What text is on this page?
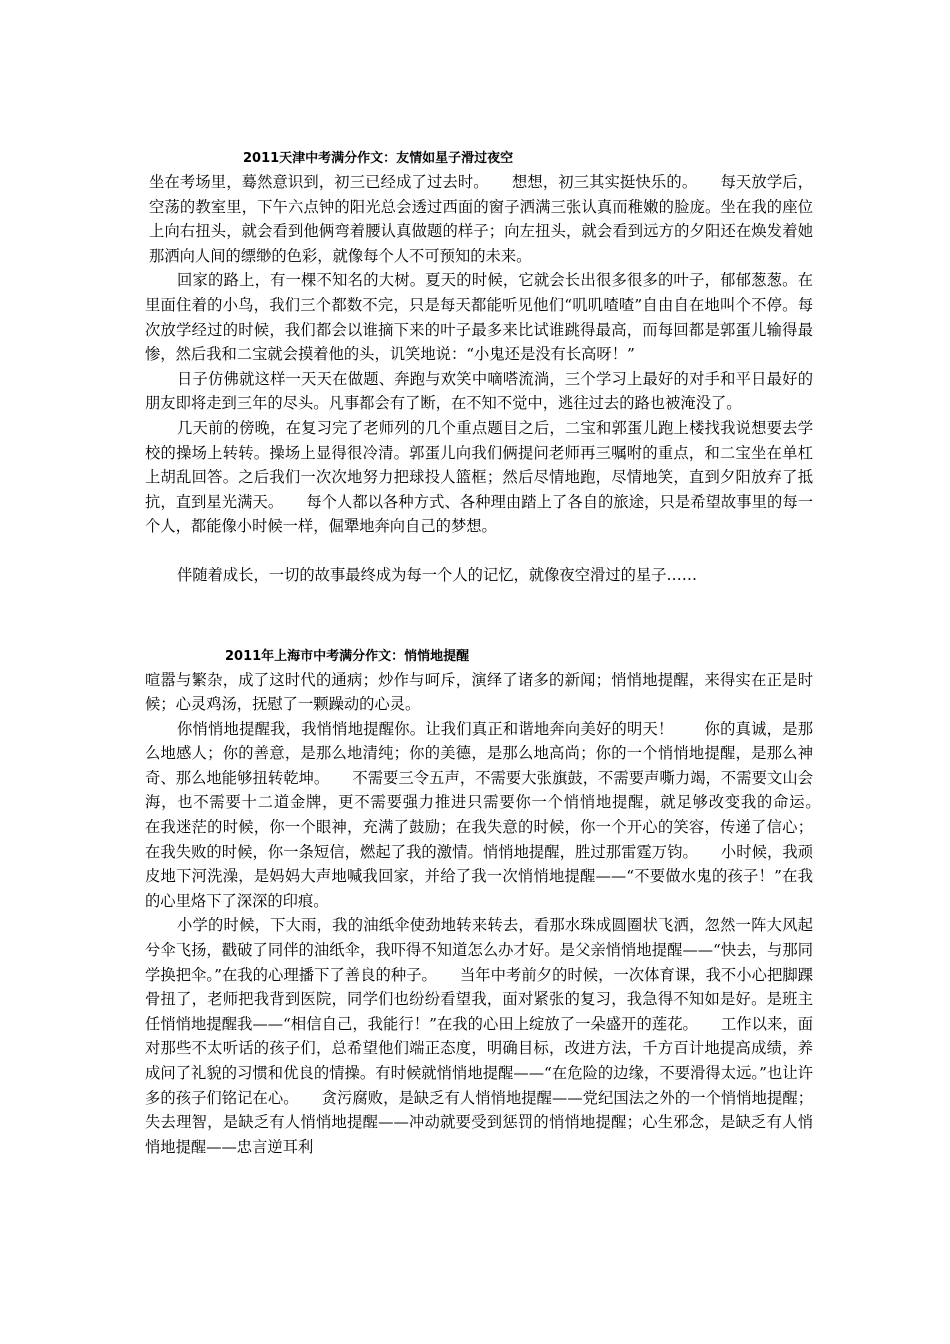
2011天津中考满分作文：友情如星子滑过夜空

坐在考场里，蓦然意识到，初三已经成了过去时。　　想想，初三其实挺快乐的。　　每天放学后，空荡的教室里，下午六点钟的阳光总会透过西面的窗子洒满三张认真而稚嫩的脸庞。坐在我的座位上向右扭头，就会看到他俩弯着腰认真做题的样子；向左扭头，就会看到远方的夕阳还在焕发着她那洒向人间的缥缈的色彩，就像每个人不可预知的未来。

回家的路上，有一棵不知名的大树。夏天的时候，它就会长出很多很多的叶子，郁郁葱葱。在里面住着的小鸟，我们三个都数不完，只是每天都能听见他们“叽叽喳喳”自由自在地叫个不停。每次放学经过的时候，我们都会以谁摘下来的叶子最多来比试谁跳得最高，而每回都是郭蛋儿输得最惨，然后我和二宝就会摸着他的头，讥笑地说：“小鬼还是没有长高呀！”

日子仿佛就这样一天天在做题、奔跑与欢笑中嘀嗒流淌，三个学习上最好的对手和平日最好的朋友即将走到三年的尽头。凡事都会有了断，在不知不觉中，逃往过去的路也被淹没了。

几天前的傍晚，在复习完了老师列的几个重点题目之后，二宝和郭蛋儿跑上楼找我说想要去学校的操场上转转。操场上显得很冷清。郭蛋儿向我们俩提问老师再三嘱咐的重点，和二宝坐在单杠上胡乱回答。之后我们一次次地努力把球投人篮框；然后尽情地跑，尽情地笑，直到夕阳放弃了抵抗，直到星光满天。　　每个人都以各种方式、各种理由踏上了各自的旅途，只是希望故事里的每一个人，都能像小时候一样，倔犟地奔向自己的梦想。

伴随着成长，一切的故事最终成为每一个人的记忆，就像夜空滑过的星子……

2011年上海市中考满分作文：悄悄地提醒

喧嚣与繁杂，成了这时代的通病；炒作与呵斥，演绎了诸多的新闻；悄悄地提醒，来得实在正是时候；心灵鸡汤，抚慰了一颗躁动的心灵。

你悄悄地提醒我，我悄悄地提醒你。让我们真正和谐地奔向美好的明天！　　你的真诚，是那么地感人；你的善意，是那么地清纯；你的美德，是那么地高尚；你的一个悄悄地提醒，是那么神奇、那么地能够扭转乾坤。　　不需要三令五声，不需要大张旗鼓，不需要声嘶力竭，不需要文山会海，也不需要十二道金牌，更不需要强力推进只需要你一个悄悄地提醒，就足够改变我的命运。　　在我迷茫的时候，你一个眼神，充满了鼓励；在我失意的时候，你一个开心的笑容，传递了信心；在我失败的时候，你一条短信，燃起了我的激情。悄悄地提醒，胜过那雷霆万钧。　　小时候，我顽皮地下河洗澡，是妈妈大声地喊我回家，并给了我一次悄悄地提醒——“不要做水鬼的孩子！”在我的心里烙下了深深的印痕。

小学的时候，下大雨，我的油纸伞使劲地转来转去，看那水珠成圆圈状飞洒，忽然一阵大风起兮伞飞扬，戳破了同伴的油纸伞，我吓得不知道怎么办才好。是父亲悄悄地提醒——“快去，与那同学换把伞。”在我的心理播下了善良的种子。　　当年中考前夕的时候，一次体育课，我不小心把脚踝骨扭了，老师把我背到医院，同学们也纷纷看望我，面对紧张的复习，我急得不知如是好。是班主任悄悄地提醒我——“相信自己，我能行！”在我的心田上绽放了一朵盛开的莲花。　　工作以来，面对那些不太听话的孩子们，总希望他们端正态度，明确目标，改进方法，千方百计地提高成绩，养成问了礼貌的习惯和优良的情操。有时候就悄悄地提醒——“在危险的边缘，不要滑得太远。”也让许多的孩子们铭记在心。　　贪污腐败，是缺乏有人悄悄地提醒——党纪国法之外的一个悄悄地提醒；失去理智，是缺乏有人悄悄地提醒——冲动就要受到惩罚的悄悄地提醒；心生邪念，是缺乏有人悄悄地提醒——忠言逆耳利
